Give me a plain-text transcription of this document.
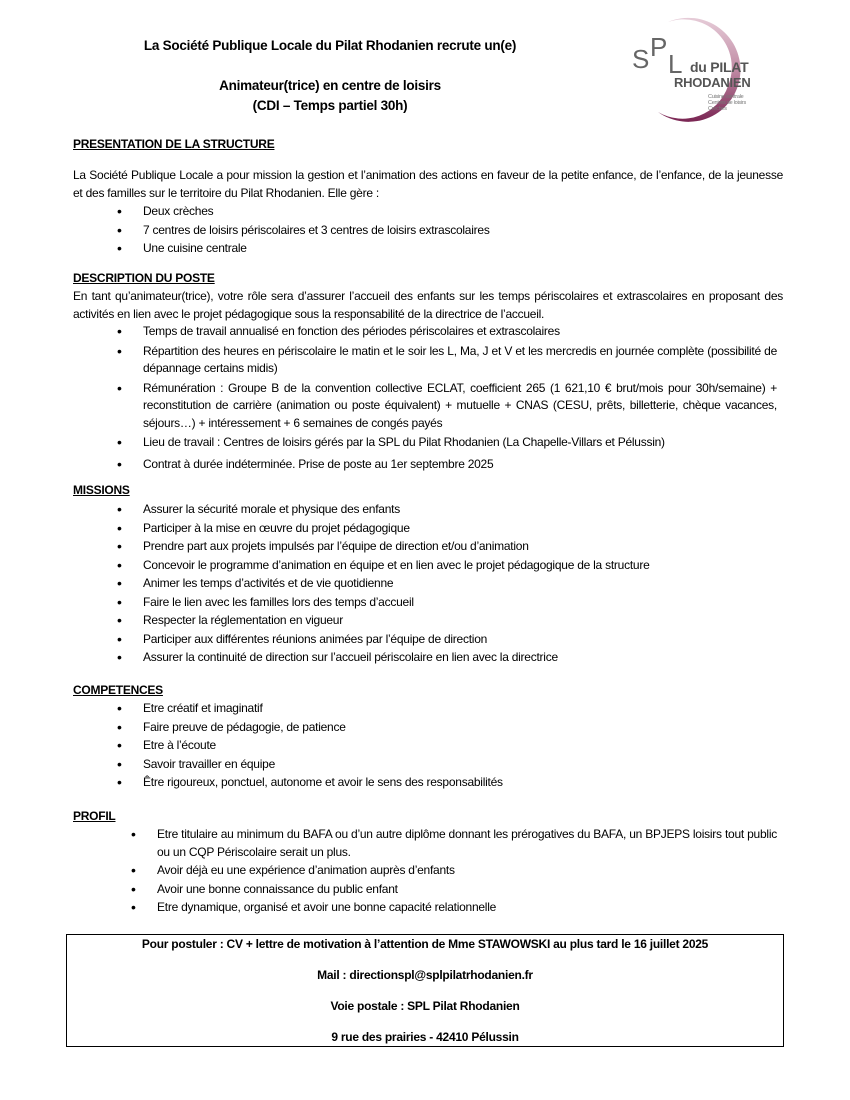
La Société Publique Locale du Pilat Rhodanien recrute un(e)
Animateur(trice) en centre de loisirs
(CDI – Temps partiel 30h)
S P
L du PILAT
RHODANIEN
Cuisine centrale
Centres de loisirs
Crèches
PRESENTATION DE LA STRUCTURE
La Société Publique Locale a pour mission la gestion et l’animation des actions en faveur de la petite enfance, de l’enfance, de la jeunesse et des familles sur le territoire du Pilat Rhodanien. Elle gère :
• Deux crèches
• 7 centres de loisirs périscolaires et 3 centres de loisirs extrascolaires
• Une cuisine centrale
DESCRIPTION DU POSTE
En tant qu’animateur(trice), votre rôle sera d’assurer l’accueil des enfants sur les temps périscolaires et extrascolaires en proposant des activités en lien avec le projet pédagogique sous la responsabilité de la directrice de l’accueil.
• Temps de travail annualisé en fonction des périodes périscolaires et extrascolaires
• Répartition des heures en périscolaire le matin et le soir les L, Ma, J et V et les mercredis en journée complète (possibilité de dépannage certains midis)
• Rémunération : Groupe B de la convention collective ECLAT, coefficient 265 (1 621,10 € brut/mois pour 30h/semaine) + reconstitution de carrière (animation ou poste équivalent) + mutuelle + CNAS (CESU, prêts, billetterie, chèque vacances, séjours…) + intéressement + 6 semaines de congés payés
• Lieu de travail : Centres de loisirs gérés par la SPL du Pilat Rhodanien (La Chapelle-Villars et Pélussin)
• Contrat à durée indéterminée. Prise de poste au 1er septembre 2025
MISSIONS
• Assurer la sécurité morale et physique des enfants
• Participer à la mise en œuvre du projet pédagogique
• Prendre part aux projets impulsés par l’équipe de direction et/ou d’animation
• Concevoir le programme d’animation en équipe et en lien avec le projet pédagogique de la structure
• Animer les temps d’activités et de vie quotidienne
• Faire le lien avec les familles lors des temps d’accueil
• Respecter la réglementation en vigueur
• Participer aux différentes réunions animées par l’équipe de direction
• Assurer la continuité de direction sur l’accueil périscolaire en lien avec la directrice
COMPETENCES
• Etre créatif et imaginatif
• Faire preuve de pédagogie, de patience
• Etre à l’écoute
• Savoir travailler en équipe
• Être rigoureux, ponctuel, autonome et avoir le sens des responsabilités
PROFIL
• Etre titulaire au minimum du BAFA ou d’un autre diplôme donnant les prérogatives du BAFA, un BPJEPS loisirs tout public ou un CQP Périscolaire serait un plus.
• Avoir déjà eu une expérience d’animation auprès d’enfants
• Avoir une bonne connaissance du public enfant
• Etre dynamique, organisé et avoir une bonne capacité relationnelle
Pour postuler : CV + lettre de motivation à l’attention de Mme STAWOWSKI au plus tard le 16 juillet 2025
Mail : directionspl@splpilatrhodanien.fr
Voie postale : SPL Pilat Rhodanien
9 rue des prairies - 42410 Pélussin
